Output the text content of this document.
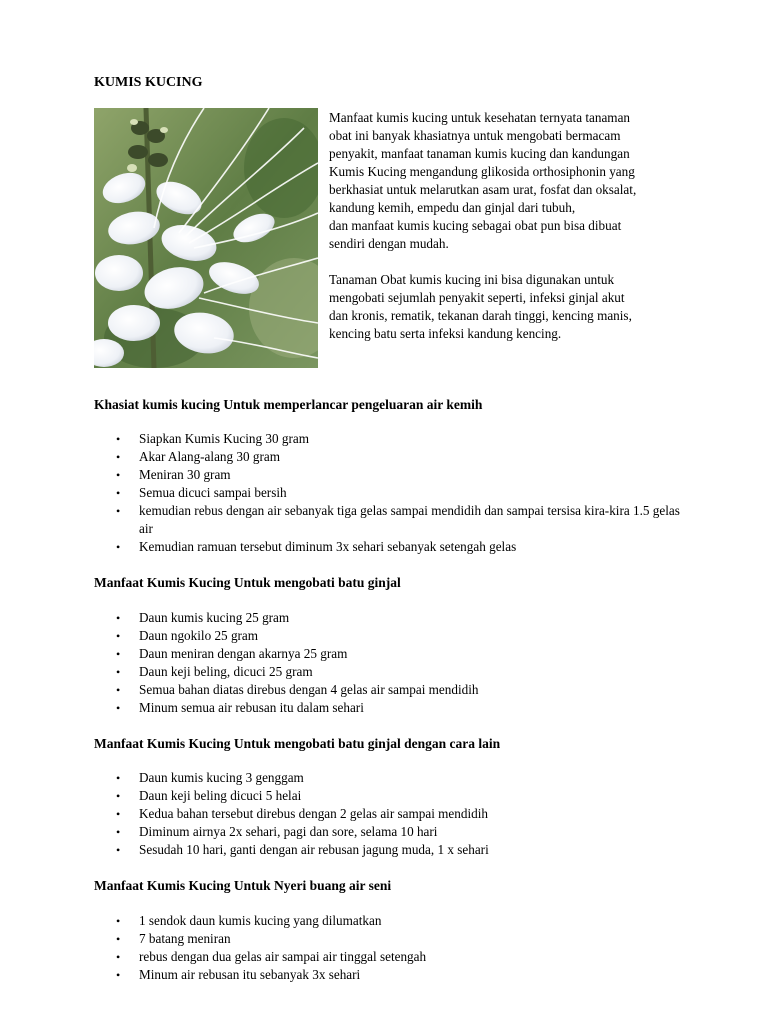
KUMIS KUCING

Manfaat kumis kucing untuk kesehatan ternyata tanaman
obat ini banyak khasiatnya untuk mengobati bermacam
penyakit, manfaat tanaman kumis kucing dan kandungan
Kumis Kucing mengandung glikosida orthosiphonin yang
berkhasiat untuk melarutkan asam urat, fosfat dan oksalat,
kandung kemih, empedu dan ginjal dari tubuh,
dan manfaat kumis kucing sebagai obat pun bisa dibuat
sendiri dengan mudah.

Tanaman Obat kumis kucing ini bisa digunakan untuk
mengobati sejumlah penyakit seperti, infeksi ginjal akut
dan kronis, rematik, tekanan darah tinggi, kencing manis,
kencing batu serta infeksi kandung kencing.

Khasiat kumis kucing Untuk memperlancar pengeluaran air kemih
• Siapkan Kumis Kucing 30 gram
• Akar Alang-alang 30 gram
• Meniran 30 gram
• Semua dicuci sampai bersih
• kemudian rebus dengan air sebanyak tiga gelas sampai mendidih dan sampai tersisa kira-kira 1.5 gelas air
• Kemudian ramuan tersebut diminum 3x sehari sebanyak setengah gelas
Manfaat Kumis Kucing Untuk mengobati batu ginjal
• Daun kumis kucing 25 gram
• Daun ngokilo 25 gram
• Daun meniran dengan akarnya 25 gram
• Daun keji beling, dicuci 25 gram
• Semua bahan diatas direbus dengan 4 gelas air sampai mendidih
• Minum semua air rebusan itu dalam sehari
Manfaat Kumis Kucing Untuk mengobati batu ginjal dengan cara lain
• Daun kumis kucing 3 genggam
• Daun keji beling dicuci 5 helai
• Kedua bahan tersebut direbus dengan 2 gelas air sampai mendidih
• Diminum airnya 2x sehari, pagi dan sore, selama 10 hari
• Sesudah 10 hari, ganti dengan air rebusan jagung muda, 1 x sehari
Manfaat Kumis Kucing Untuk Nyeri buang air seni
• 1 sendok daun kumis kucing yang dilumatkan
• 7 batang meniran
• rebus dengan dua gelas air sampai air tinggal setengah
• Minum air rebusan itu sebanyak 3x sehari
